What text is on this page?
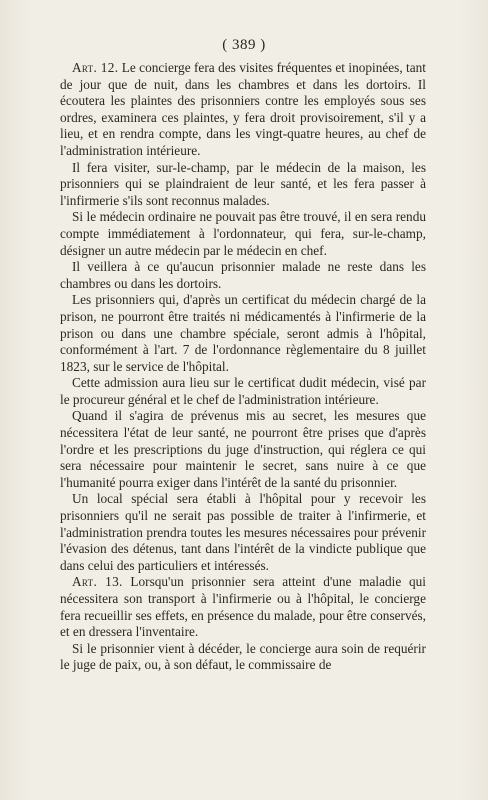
( 389 )

Art. 12. Le concierge fera des visites fréquentes et inopinées, tant de jour que de nuit, dans les chambres et dans les dortoirs. Il écoutera les plaintes des prisonniers contre les employés sous ses ordres, examinera ces plaintes, y fera droit provisoirement, s'il y a lieu, et en rendra compte, dans les vingt-quatre heures, au chef de l'administration intérieure.

Il fera visiter, sur-le-champ, par le médecin de la maison, les prisonniers qui se plaindraient de leur santé, et les fera passer à l'infirmerie s'ils sont reconnus malades.

Si le médecin ordinaire ne pouvait pas être trouvé, il en sera rendu compte immédiatement à l'ordonnateur, qui fera, sur-le-champ, désigner un autre médecin par le médecin en chef.

Il veillera à ce qu'aucun prisonnier malade ne reste dans les chambres ou dans les dortoirs.

Les prisonniers qui, d'après un certificat du médecin chargé de la prison, ne pourront être traités ni médicamentés à l'infirmerie de la prison ou dans une chambre spéciale, seront admis à l'hôpital, conformément à l'art. 7 de l'ordonnance règlementaire du 8 juillet 1823, sur le service de l'hôpital.

Cette admission aura lieu sur le certificat dudit médecin, visé par le procureur général et le chef de l'administration intérieure.

Quand il s'agira de prévenus mis au secret, les mesures que nécessitera l'état de leur santé, ne pourront être prises que d'après l'ordre et les prescriptions du juge d'instruction, qui réglera ce qui sera nécessaire pour maintenir le secret, sans nuire à ce que l'humanité pourra exiger dans l'intérêt de la santé du prisonnier.

Un local spécial sera établi à l'hôpital pour y recevoir les prisonniers qu'il ne serait pas possible de traiter à l'infirmerie, et l'administration prendra toutes les mesures nécessaires pour prévenir l'évasion des détenus, tant dans l'intérêt de la vindicte publique que dans celui des particuliers et intéressés.

Art. 13. Lorsqu'un prisonnier sera atteint d'une maladie qui nécessitera son transport à l'infirmerie ou à l'hôpital, le concierge fera recueillir ses effets, en présence du malade, pour être conservés, et en dressera l'inventaire.

Si le prisonnier vient à décéder, le concierge aura soin de requérir le juge de paix, ou, à son défaut, le commissaire de
